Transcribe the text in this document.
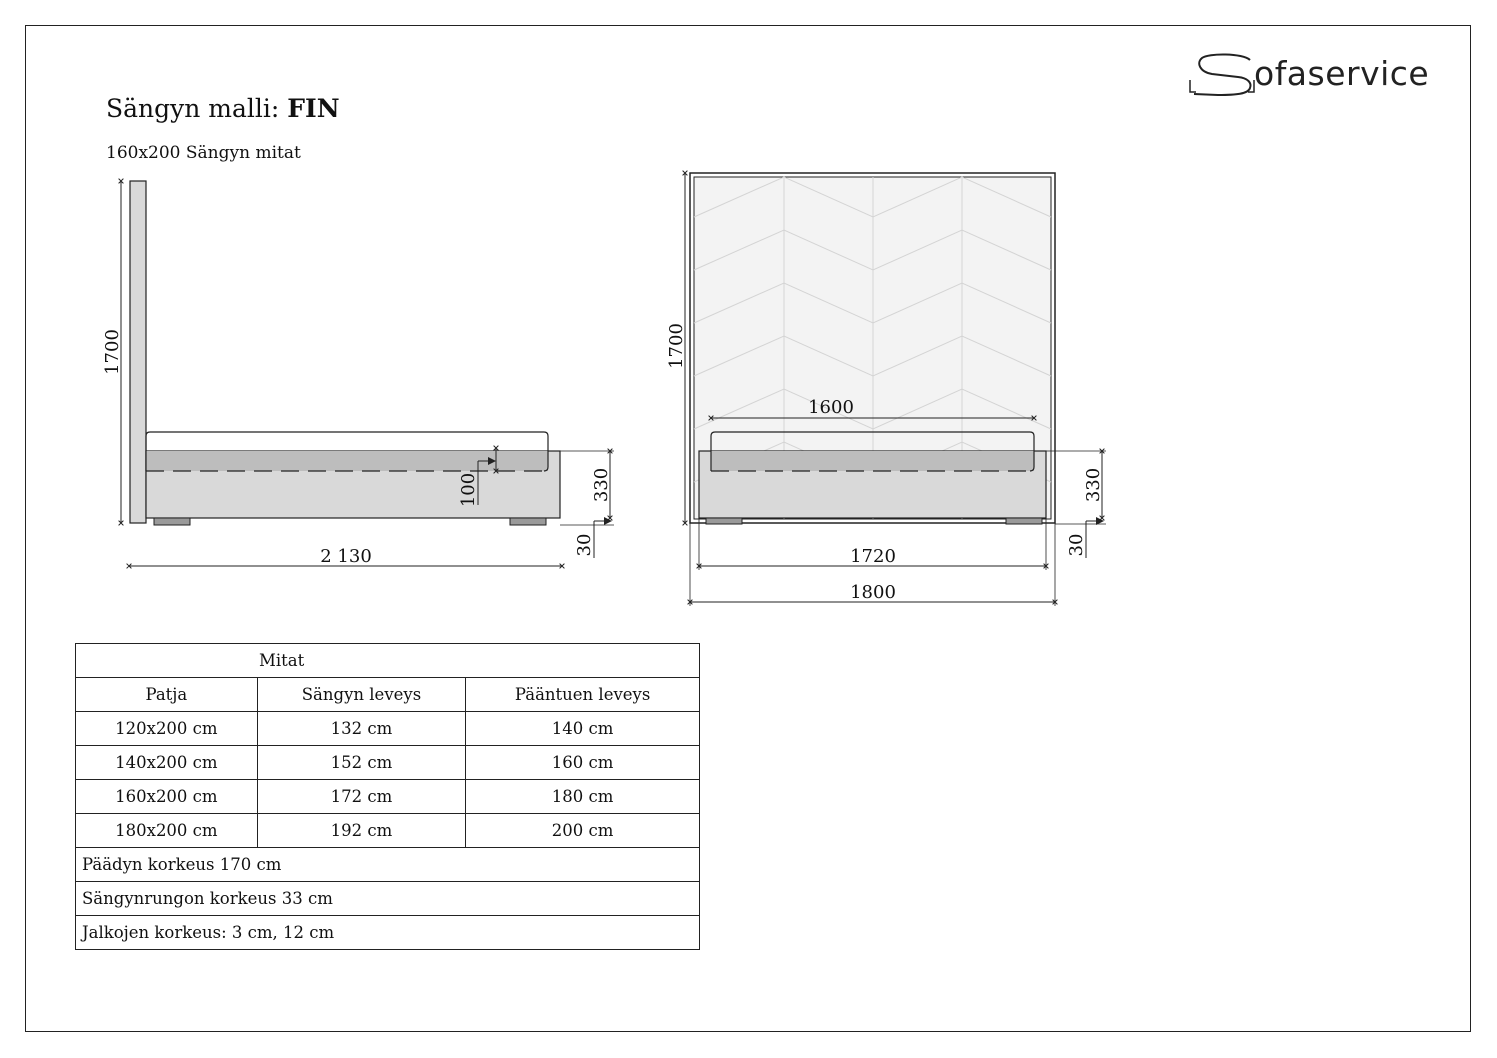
Sängyn malli: FIN
160x200 Sängyn mitat
ofaservice
1700
2 130
330
100
30
1700
1600
1720
1800
330
30
Mitat		
Patja	Sängyn leveys	Pääntuen leveys
120x200 cm	132 cm	140 cm
140x200 cm	152 cm	160 cm
160x200 cm	172 cm	180 cm
180x200 cm	192 cm	200 cm
Päädyn korkeus 170 cm		
Sängynrungon korkeus 33 cm		
Jalkojen korkeus: 3 cm, 12 cm		
